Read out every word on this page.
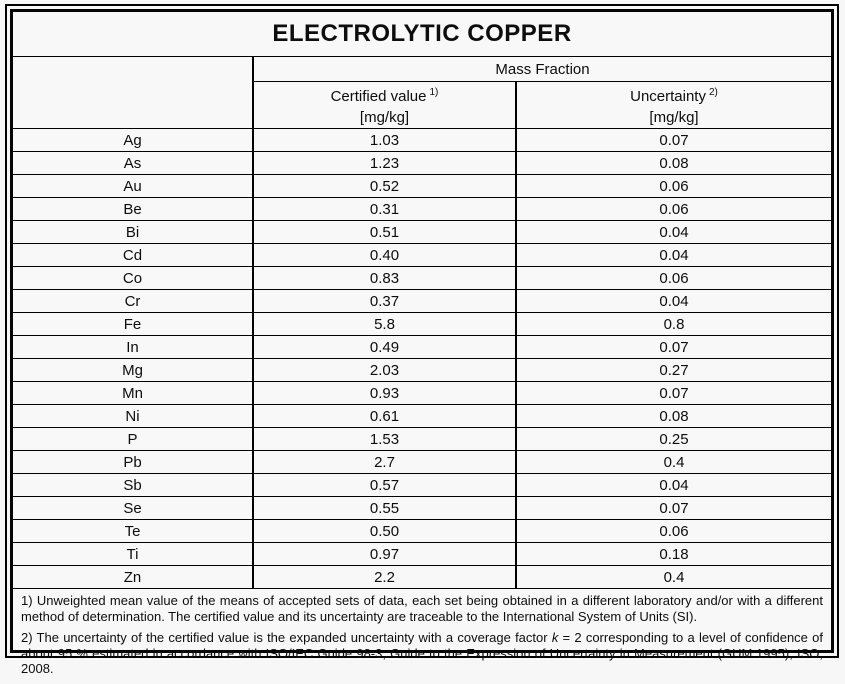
ELECTROLYTIC COPPER		
	Mass Fraction	

Certified value $^{1)}$
[mg/kg]

Uncertainty $^{2)}$
[mg/kg]

Ag	1.03	0.07
As	1.23	0.08
Au	0.52	0.06
Be	0.31	0.06
Bi	0.51	0.04
Cd	0.40	0.04
Co	0.83	0.06
Cr	0.37	0.04
Fe	5.8	0.8
In	0.49	0.07
Mg	2.03	0.27
Mn	0.93	0.07
Ni	0.61	0.08
P	1.53	0.25
Pb	2.7	0.4
Sb	0.57	0.04
Se	0.55	0.07
Te	0.50	0.06
Ti	0.97	0.18
Zn	2.2	0.4

1) Unweighted mean value of the means of accepted sets of data, each set being obtained in a different laboratory and/or with a different method of determination. The certified value and its uncertainty are traceable to the International System of Units (SI).

2) The uncertainty of the certified value is the expanded uncertainty with a coverage factor k = 2 corresponding to a level of confidence of about 95 % estimated in accordance with ISO/IEC Guide 98-3, Guide to the Expression of Uncertainty in Measurement (GUM:1995), ISO, 2008.		
